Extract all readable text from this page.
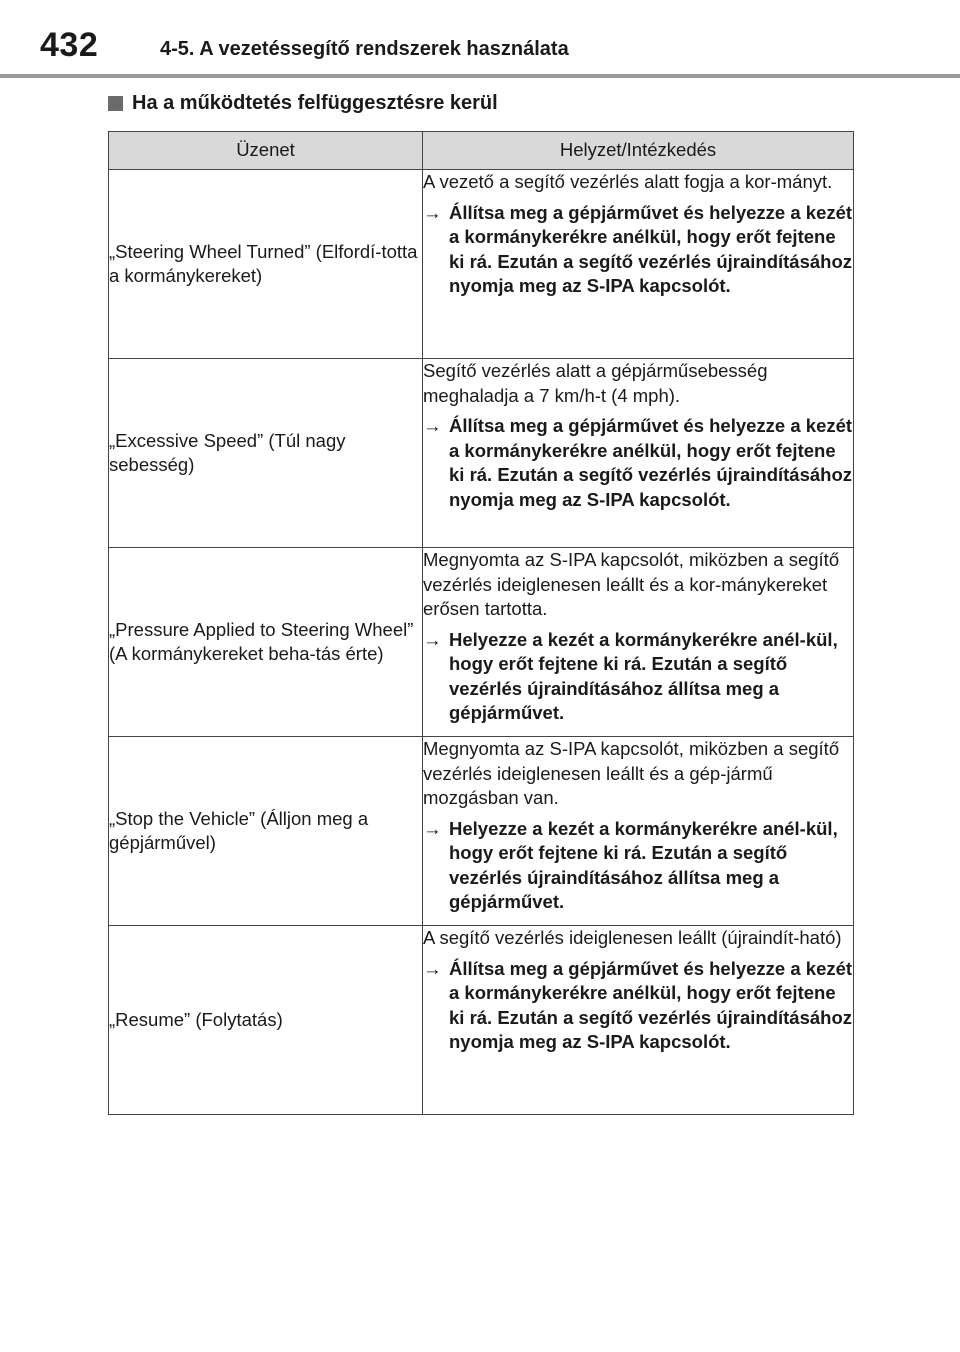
432	4-5. A vezetéssegítő rendszerek használata
Ha a működtetés felfüggesztésre kerül
Üzenet	Helyzet/Intézkedés
„Steering Wheel Turned” (Elfordí-totta a kormánykereket)	A vezető a segítő vezérlés alatt fogja a kor-mányt.
→ Állítsa meg a gépjárművet és helyezze a kezét a kormánykerékre anélkül, hogy erőt fejtene ki rá. Ezután a segítő vezérlés újraindításához nyomja meg az S-IPA kapcsolót.

„Excessive Speed” (Túl nagy sebesség)	Segítő vezérlés alatt a gépjárműsebesség meghaladja a 7 km/h-t (4 mph).
→ Állítsa meg a gépjárművet és helyezze a kezét a kormánykerékre anélkül, hogy erőt fejtene ki rá. Ezután a segítő vezérlés újraindításához nyomja meg az S-IPA kapcsolót.

„Pressure Applied to Steering Wheel” (A kormánykereket beha-tás érte)	Megnyomta az S-IPA kapcsolót, miközben a segítő vezérlés ideiglenesen leállt és a kor-mánykereket erősen tartotta.
→ Helyezze a kezét a kormánykerékre anél-kül, hogy erőt fejtene ki rá. Ezután a segítő vezérlés újraindításához állítsa meg a gépjárművet.

„Stop the Vehicle” (Álljon meg a gépjárművel)	Megnyomta az S-IPA kapcsolót, miközben a segítő vezérlés ideiglenesen leállt és a gép-jármű mozgásban van.
→ Helyezze a kezét a kormánykerékre anél-kül, hogy erőt fejtene ki rá. Ezután a segítő vezérlés újraindításához állítsa meg a gépjárművet.

„Resume” (Folytatás)	A segítő vezérlés ideiglenesen leállt (újraindít-ható)
→ Állítsa meg a gépjárművet és helyezze a kezét a kormánykerékre anélkül, hogy erőt fejtene ki rá. Ezután a segítő vezérlés újraindításához nyomja meg az S-IPA kapcsolót.
